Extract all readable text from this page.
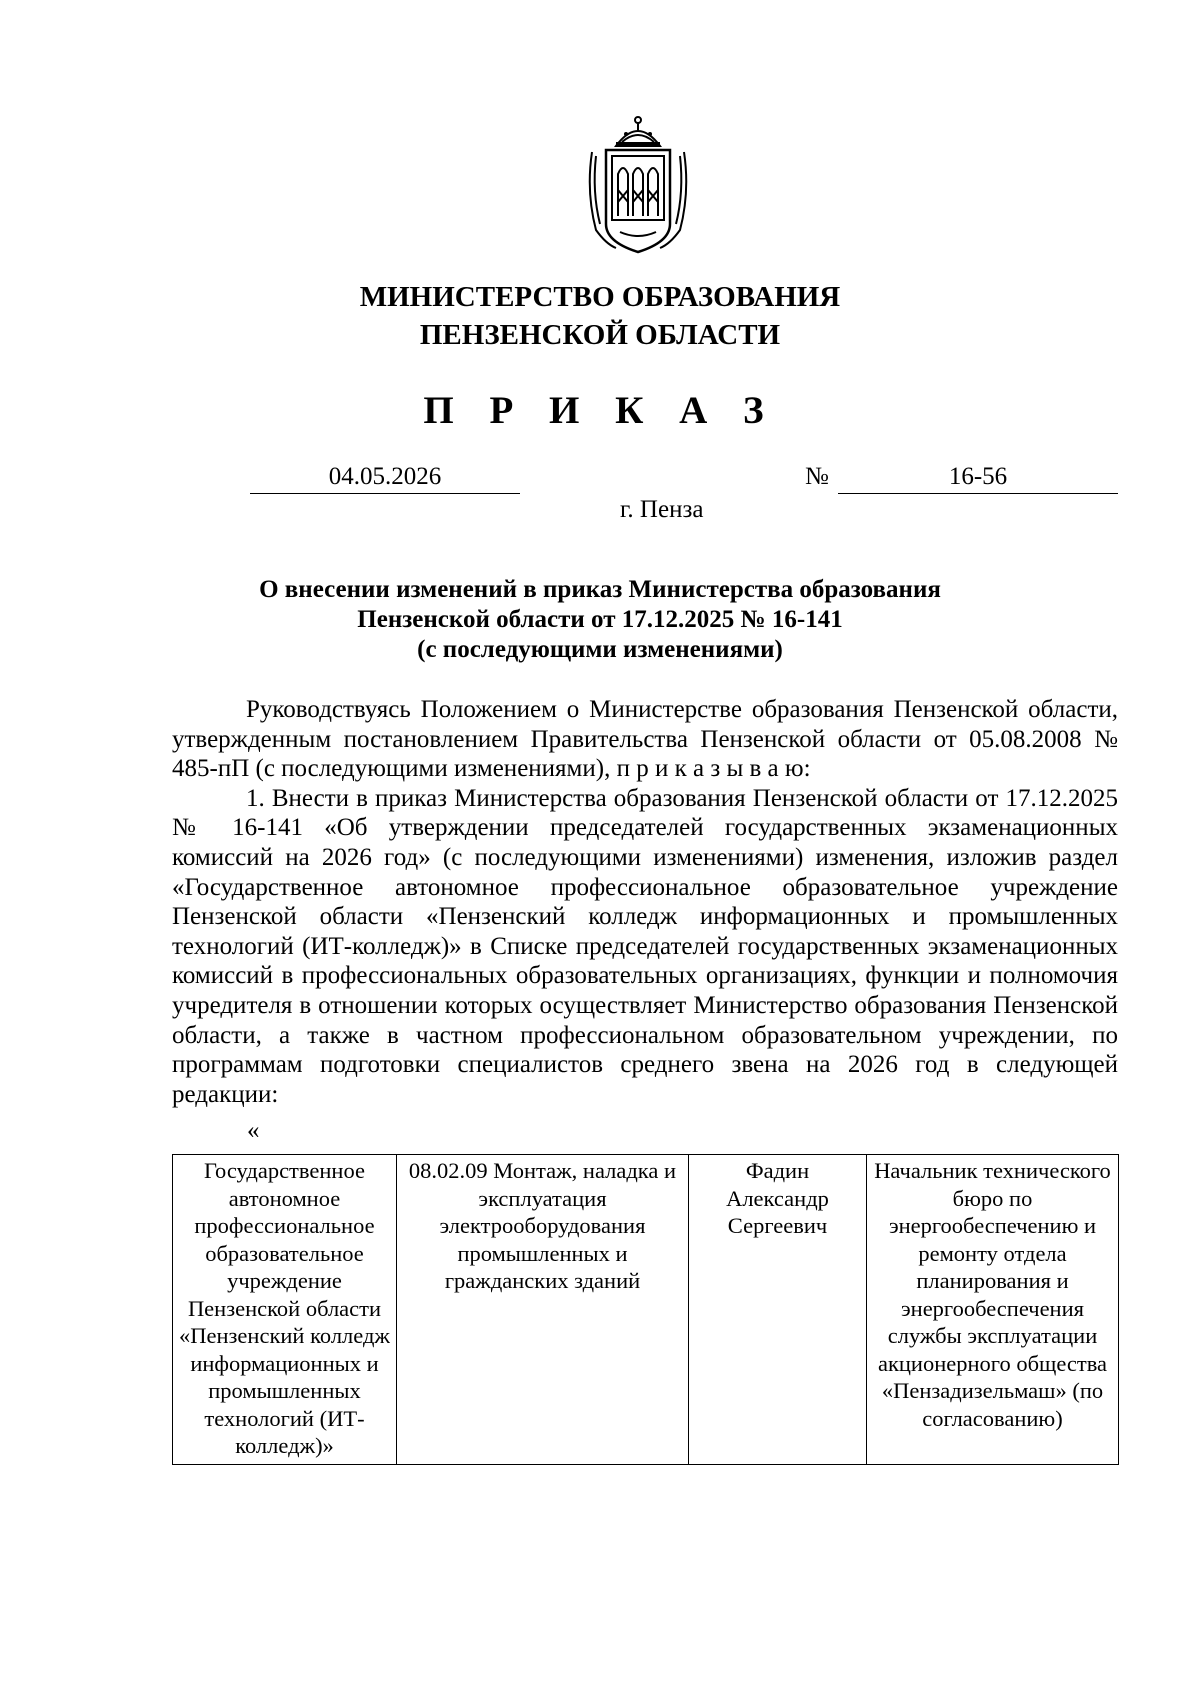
МИНИСТЕРСТВО ОБРАЗОВАНИЯ
ПЕНЗЕНСКОЙ ОБЛАСТИ
П Р И К А З
04.05.2026	№	16-56
г. Пенза
О внесении изменений в приказ Министерства образования
Пензенской области от 17.12.2025 № 16-141
(с последующими изменениями)

Руководствуясь Положением о Министерстве образования Пензенской области, утвержденным постановлением Правительства Пензенской области от 05.08.2008 № 485-пП (с последующими изменениями), п р и к а з ы в а ю:

1. Внести в приказ Министерства образования Пензенской области от 17.12.2025 № 16-141 «Об утверждении председателей государственных экзаменационных комиссий на 2026 год» (с последующими изменениями) изменения, изложив раздел «Государственное автономное профессиональное образовательное учреждение Пензенской области «Пензенский колледж информационных и промышленных технологий (ИТ-колледж)» в Списке председателей государственных экзаменационных комиссий в профессиональных образовательных организациях, функции и полномочия учредителя в отношении которых осуществляет Министерство образования Пензенской области, а также в частном профессиональном образовательном учреждении, по программам подготовки специалистов среднего звена на 2026 год в следующей редакции:

«
Государственное автономное профессиональное образовательное учреждение Пензенской области «Пензенский колледж информационных и промышленных технологий (ИТ-колледж)»	08.02.09 Монтаж, наладка и эксплуатация электрооборудования промышленных и гражданских зданий	Фадин Александр Сергеевич	Начальник технического бюро по энергообеспечению и ремонту отдела планирования и энергообеспечения службы эксплуатации акционерного общества «Пензадизельмаш» (по согласованию)
